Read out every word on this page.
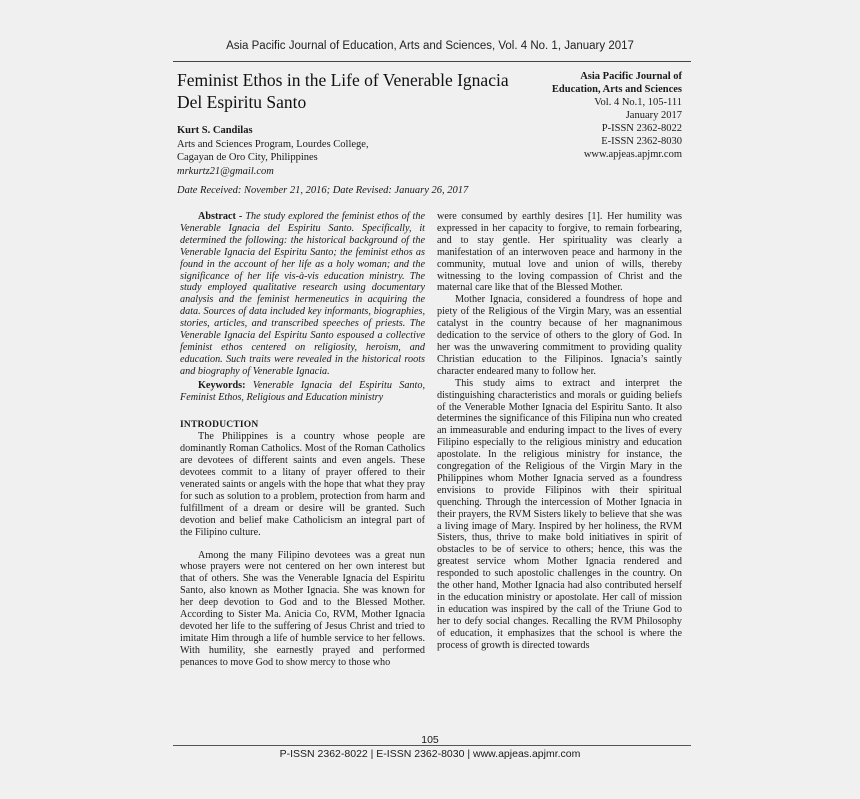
Asia Pacific Journal of Education, Arts and Sciences, Vol. 4 No. 1, January 2017
Feminist Ethos in the Life of Venerable Ignacia Del Espiritu Santo
Asia Pacific Journal of
Education, Arts and Sciences
Vol. 4 No.1, 105-111
January 2017
P-ISSN 2362-8022
E-ISSN 2362-8030
www.apjeas.apjmr.com
Kurt S. Candilas
Arts and Sciences Program, Lourdes College,
Cagayan de Oro City, Philippines
mrkurtz21@gmail.com
Date Received: November 21, 2016; Date Revised: January 26, 2017

Abstract - The study explored the feminist ethos of the Venerable Ignacia del Espiritu Santo. Specifically, it determined the following: the historical background of the Venerable Ignacia del Espiritu Santo; the feminist ethos as found in the account of her life as a holy woman; and the significance of her life vis-à-vis education ministry. The study employed qualitative research using documentary analysis and the feminist hermeneutics in acquiring the data. Sources of data included key informants, biographies, stories, articles, and transcribed speeches of priests. The Venerable Ignacia del Espiritu Santo espoused a collective feminist ethos centered on religiosity, heroism, and education. Such traits were revealed in the historical roots and biography of Venerable Ignacia.

Keywords: Venerable Ignacia del Espiritu Santo, Feminist Ethos, Religious and Education ministry

INTRODUCTION

The Philippines is a country whose people are dominantly Roman Catholics. Most of the Roman Catholics are devotees of different saints and even angels. These devotees commit to a litany of prayer offered to their venerated saints or angels with the hope that what they pray for such as solution to a problem, protection from harm and fulfillment of a dream or desire will be granted. Such devotion and belief make Catholicism an integral part of the Filipino culture.

Among the many Filipino devotees was a great nun whose prayers were not centered on her own interest but that of others. She was the Venerable Ignacia del Espiritu Santo, also known as Mother Ignacia. She was known for her deep devotion to God and to the Blessed Mother. According to Sister Ma. Anicia Co, RVM, Mother Ignacia devoted her life to the suffering of Jesus Christ and tried to imitate Him through a life of humble service to her fellows. With humility, she earnestly prayed and performed penances to move God to show mercy to those who

were consumed by earthly desires [1]. Her humility was expressed in her capacity to forgive, to remain forbearing, and to stay gentle. Her spirituality was clearly a manifestation of an interwoven peace and harmony in the community, mutual love and union of wills, thereby witnessing to the loving compassion of Christ and the maternal care like that of the Blessed Mother.

Mother Ignacia, considered a foundress of hope and piety of the Religious of the Virgin Mary, was an essential catalyst in the country because of her magnanimous dedication to the service of others to the glory of God. In her was the unwavering commitment to providing quality Christian education to the Filipinos. Ignacia’s saintly character endeared many to follow her.

This study aims to extract and interpret the distinguishing characteristics and morals or guiding beliefs of the Venerable Mother Ignacia del Espiritu Santo. It also determines the significance of this Filipina nun who created an immeasurable and enduring impact to the lives of every Filipino especially to the religious ministry and education apostolate. In the religious ministry for instance, the congregation of the Religious of the Virgin Mary in the Philippines whom Mother Ignacia served as a foundress envisions to provide Filipinos with their spiritual quenching. Through the intercession of Mother Ignacia in their prayers, the RVM Sisters likely to believe that she was a living image of Mary. Inspired by her holiness, the RVM Sisters, thus, thrive to make bold initiatives in spirit of obstacles to be of service to others; hence, this was the greatest service whom Mother Ignacia rendered and responded to such apostolic challenges in the country. On the other hand, Mother Ignacia had also contributed herself in the education ministry or apostolate. Her call of mission in education was inspired by the call of the Triune God to her to defy social changes. Recalling the RVM Philosophy of education, it emphasizes that the school is where the process of growth is directed towards

105
P-ISSN 2362-8022 | E-ISSN 2362-8030 | www.apjeas.apjmr.com
